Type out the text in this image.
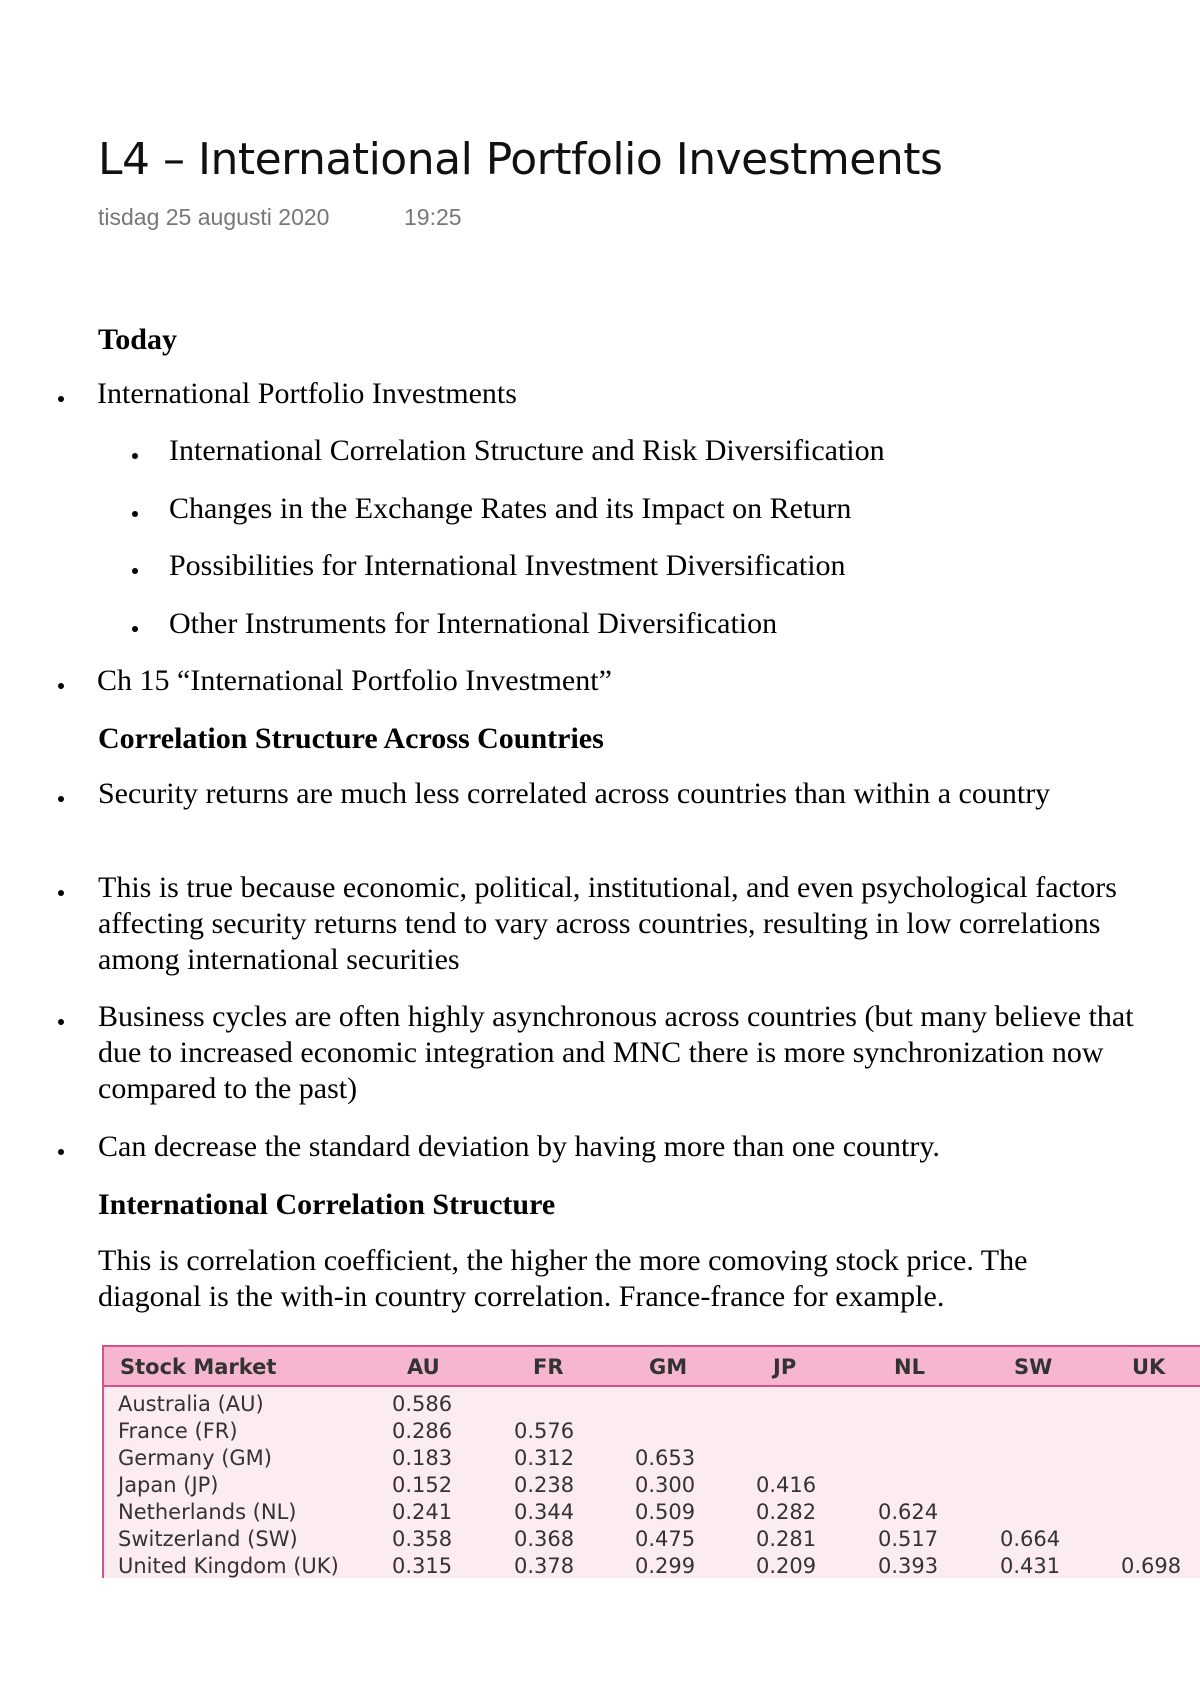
L4 – International Portfolio Investments
tisdag 25 augusti 2020	19:25
Today
International Portfolio Investments
International Correlation Structure and Risk Diversification
Changes in the Exchange Rates and its Impact on Return
Possibilities for International Investment Diversification
Other Instruments for International Diversification
Ch 15 “International Portfolio Investment”
Correlation Structure Across Countries
Security returns are much less correlated across countries than within a country
This is true because economic, political, institutional, and even psychological factors affecting security returns tend to vary across countries, resulting in low correlations among international securities
Business cycles are often highly asynchronous across countries (but many believe that due to increased economic integration and MNC there is more synchronization now compared to the past)
Can decrease the standard deviation by having more than one country.
International Correlation Structure
This is correlation coefficient, the higher the more comoving stock price. The diagonal is the with-in country correlation. France-france for example.
Stock Market	AU	FR	GM	JP	NL	SW	UK
Australia (AU)	0.586
France (FR)	0.286	0.576
Germany (GM)	0.183	0.312	0.653
Japan (JP)	0.152	0.238	0.300	0.416
Netherlands (NL)	0.241	0.344	0.509	0.282	0.624
Switzerland (SW)	0.358	0.368	0.475	0.281	0.517	0.664
United Kingdom (UK)	0.315	0.378	0.299	0.209	0.393	0.431	0.698
